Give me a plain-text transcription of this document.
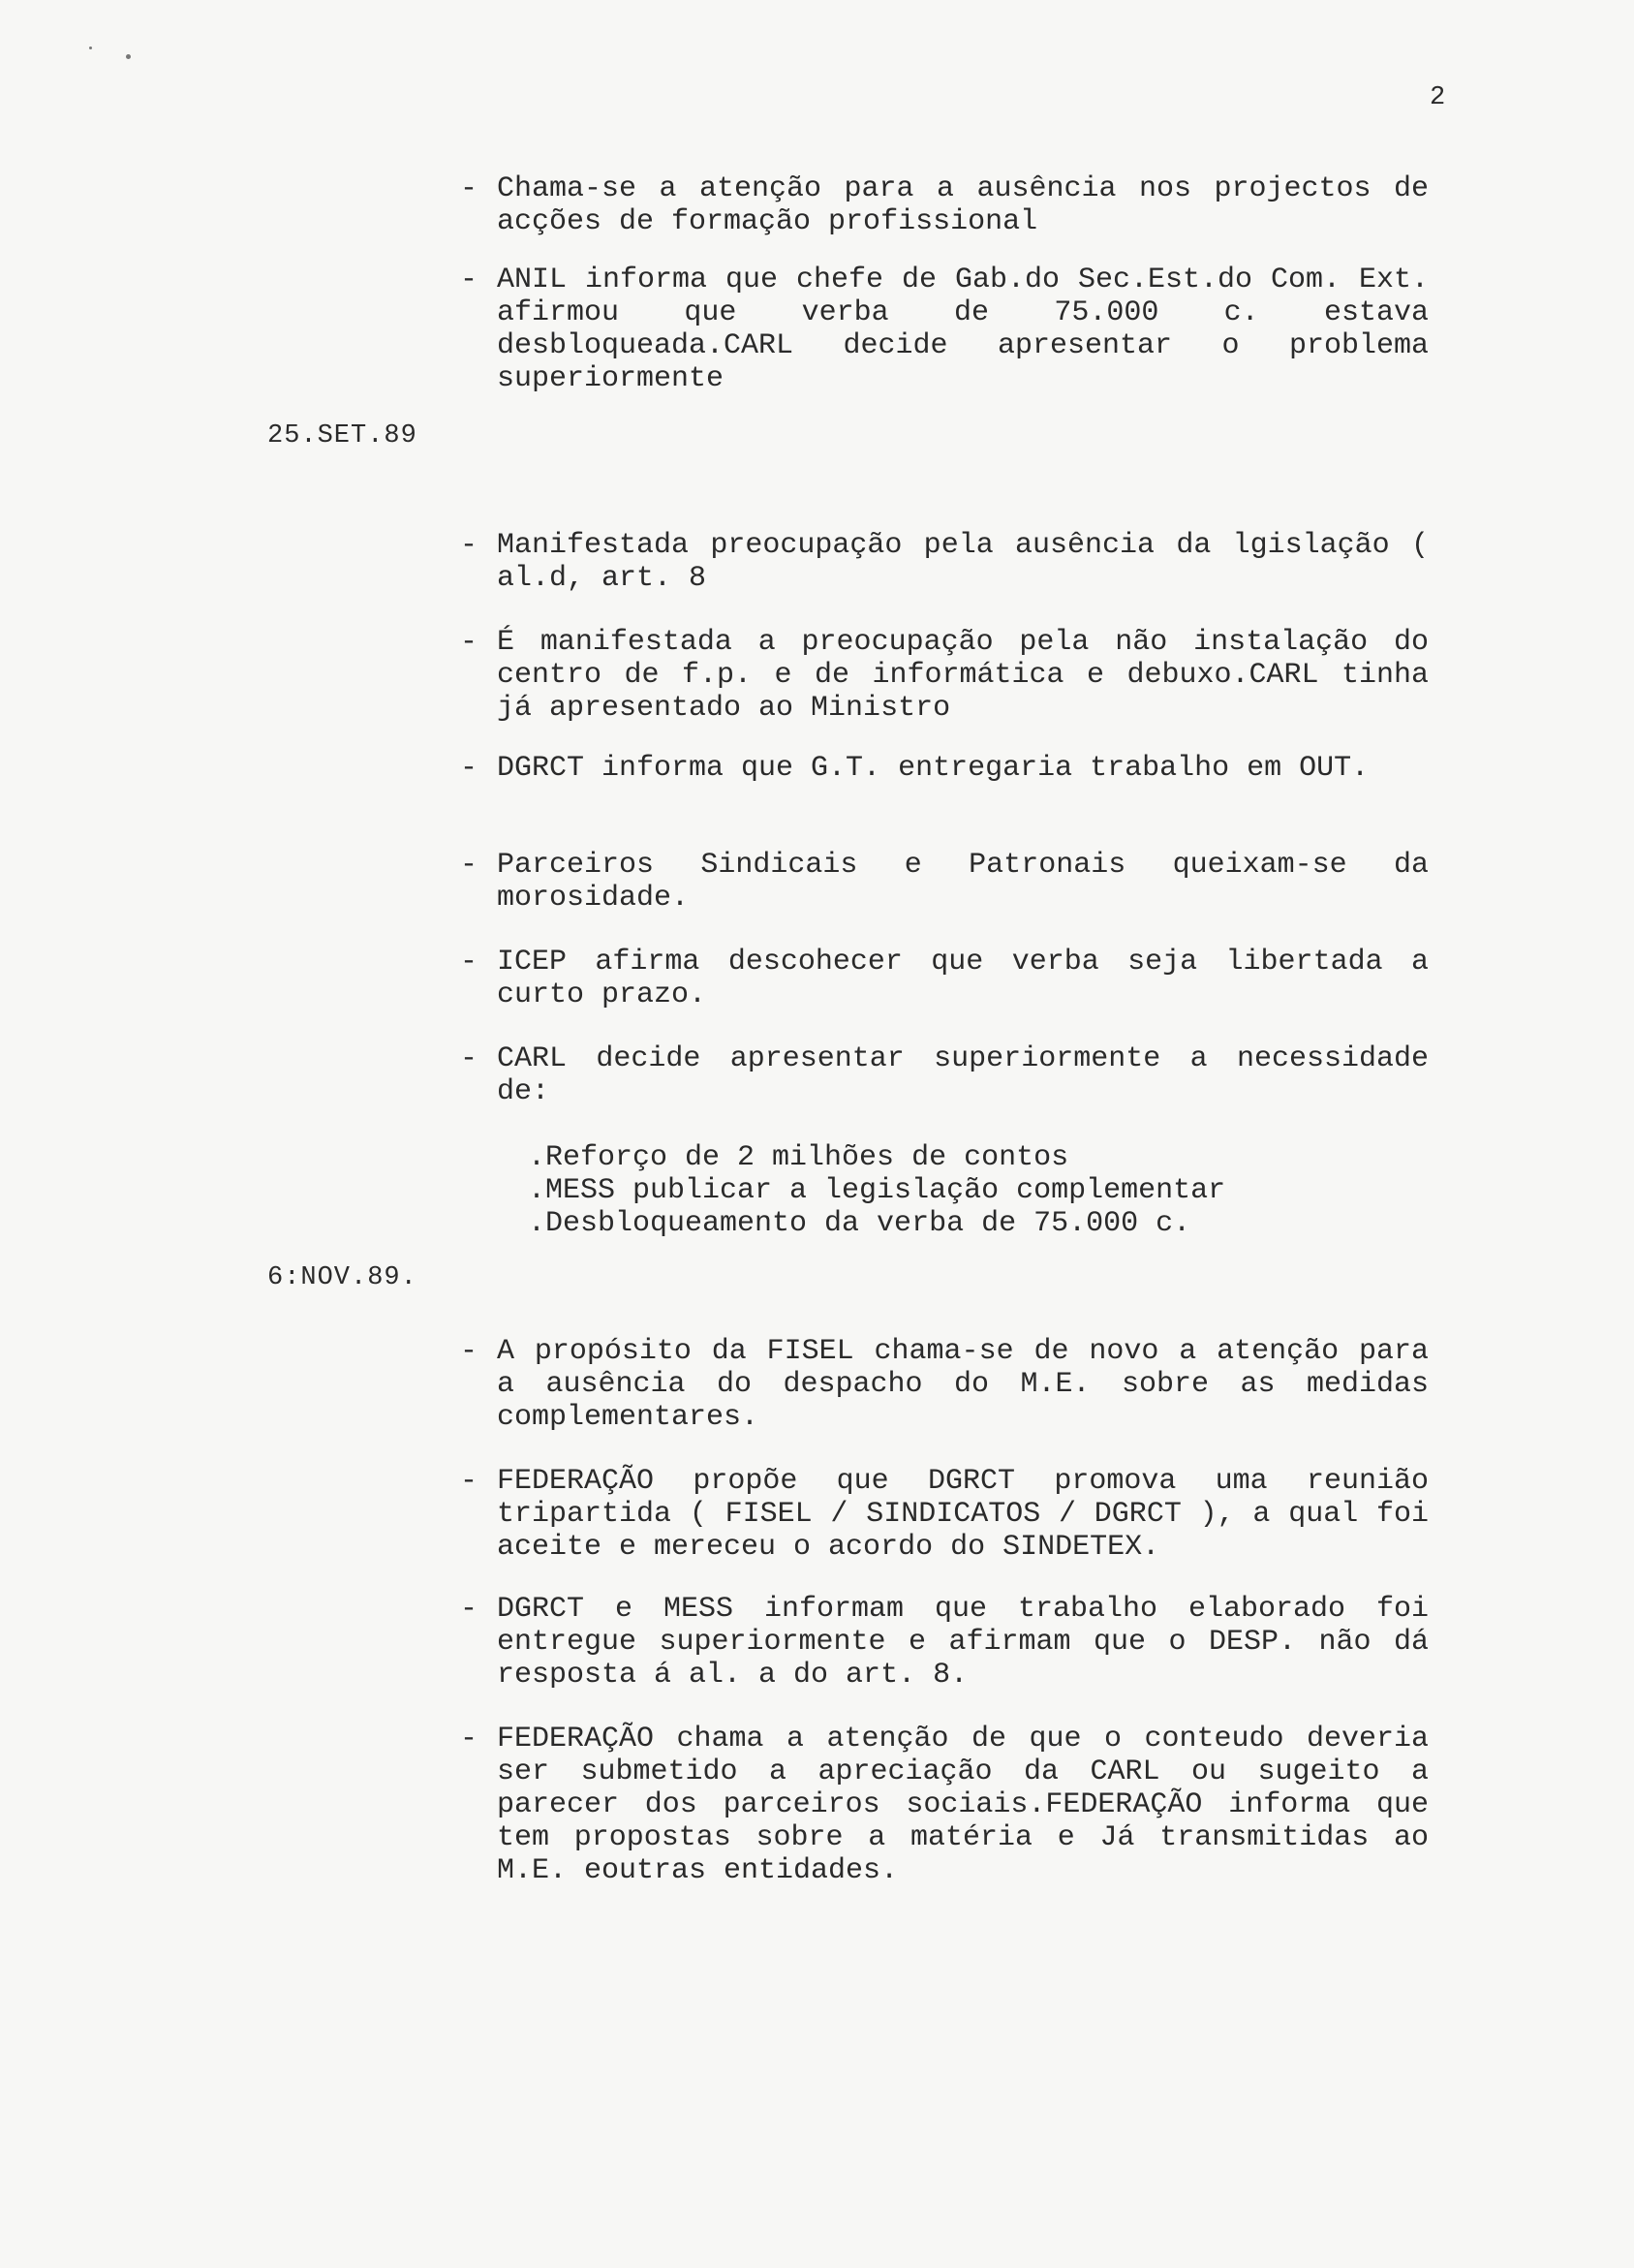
2
- Chama-se a atenção para a ausência nos projectos de acções de formação profissional
- ANIL informa que chefe de Gab.do Sec.Est.do Com. Ext. afirmou que verba de 75.000 c. estava desbloqueada.CARL decide apresentar o problema superiormente
25.SET.89
- Manifestada preocupação pela ausência da lgislação ( al.d, art. 8
- É manifestada a preocupação pela não instalação do centro de f.p. e de informática e debuxo.CARL tinha já apresentado ao Ministro
- DGRCT informa que G.T. entregaria trabalho em OUT.
- Parceiros Sindicais e Patronais queixam-se da morosidade.
- ICEP afirma descohecer que verba seja libertada a curto prazo.
- CARL decide apresentar superiormente a necessidade de:
.Reforço de 2 milhões de contos
.MESS publicar a legislação complementar
.Desbloqueamento da verba de 75.000 c.
6:NOV.89.
- A propósito da FISEL chama-se de novo a atenção para a ausência do despacho do M.E. sobre as medidas complementares.
- FEDERAÇÃO propõe que DGRCT promova uma reunião tripartida ( FISEL / SINDICATOS / DGRCT ), a qual foi aceite e mereceu o acordo do SINDETEX.
- DGRCT e MESS informam que trabalho elaborado foi entregue superiormente e afirmam que o DESP. não dá resposta á al. a do art. 8.
- FEDERAÇÃO chama a atenção de que o conteudo deveria ser submetido a apreciação da CARL ou sugeito a parecer dos parceiros sociais.FEDERAÇÃO informa que tem propostas sobre a matéria e Já transmitidas ao M.E. eoutras entidades.
